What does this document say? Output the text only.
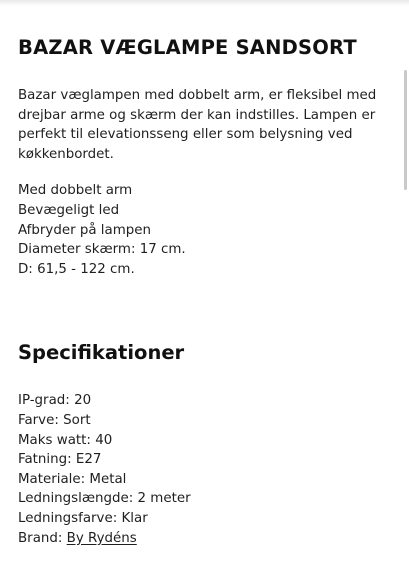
BAZAR VÆGLAMPE SANDSORT

Bazar væglampen med dobbelt arm, er fleksibel med drejbar arme og skærm der kan indstilles. Lampen er perfekt til elevationsseng eller som belysning ved køkkenbordet.

Med dobbelt arm
Bevægeligt led
Afbryder på lampen
Diameter skærm: 17 cm.
D: 61,5 - 122 cm.
Specifikationer
IP-grad: 20
Farve: Sort
Maks watt: 40
Fatning: E27
Materiale: Metal
Ledningslængde: 2 meter
Ledningsfarve: Klar
Brand: By Rydéns
